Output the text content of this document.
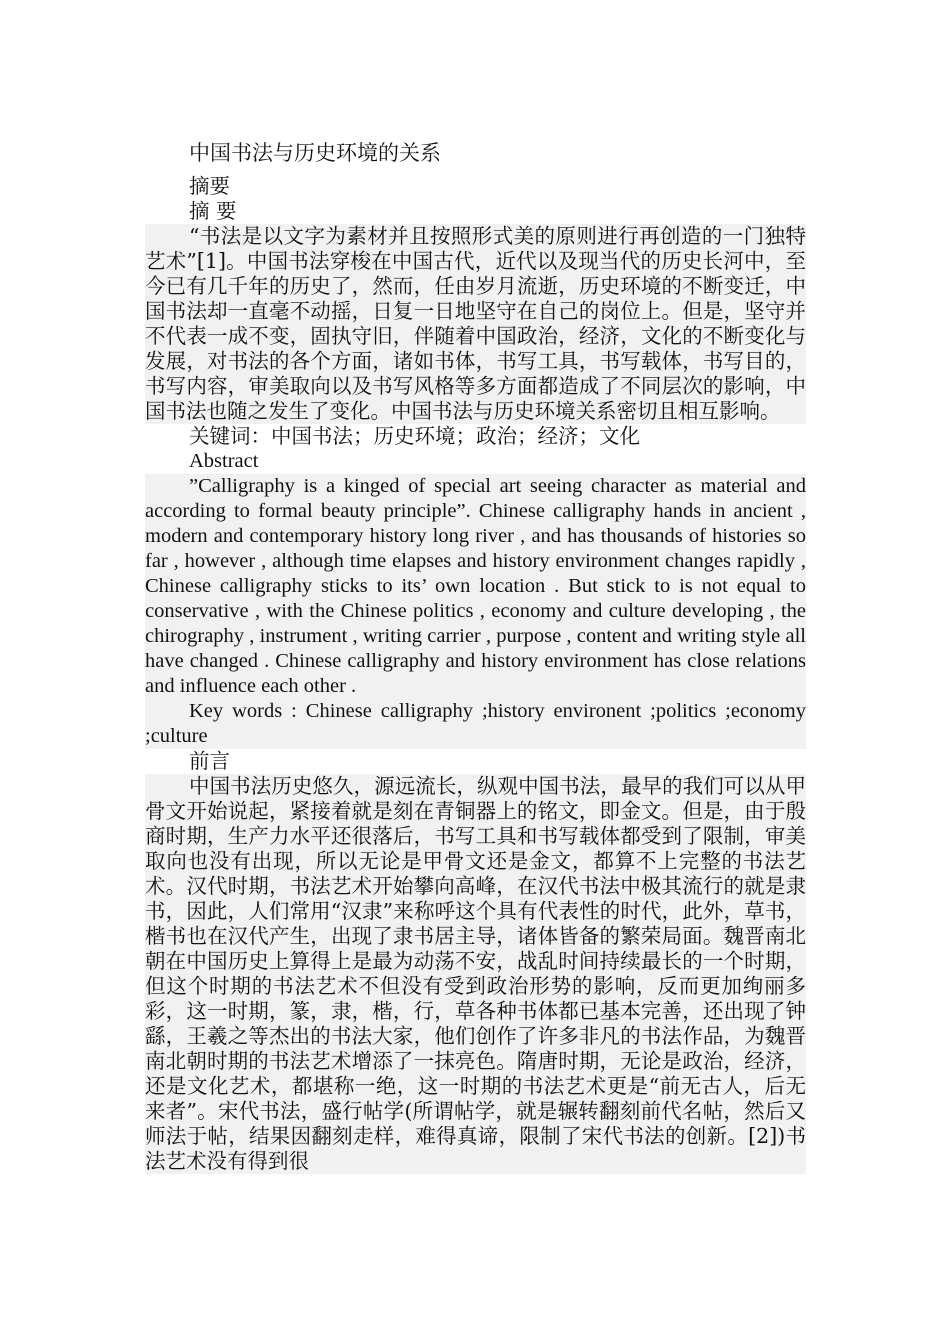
中国书法与历史环境的关系

摘要

摘 要

“书法是以文字为素材并且按照形式美的原则进行再创造的一门独特艺术”[1]。中国书法穿梭在中国古代，近代以及现当代的历史长河中，至今已有几千年的历史了，然而，任由岁月流逝，历史环境的不断变迁，中国书法却一直毫不动摇，日复一日地坚守在自己的岗位上。但是，坚守并不代表一成不变，固执守旧，伴随着中国政治，经济，文化的不断变化与发展，对书法的各个方面，诸如书体，书写工具，书写载体，书写目的，书写内容，审美取向以及书写风格等多方面都造成了不同层次的影响，中国书法也随之发生了变化。中国书法与历史环境关系密切且相互影响。

关键词：中国书法；历史环境；政治；经济；文化

Abstract

”Calligraphy is a kinged of special art seeing character as material and according to formal beauty principle”. Chinese calligraphy hands in ancient , modern and contemporary history long river , and has thousands of histories so far , however , although time elapses and history environment changes rapidly , Chinese calligraphy sticks to its’ own location . But stick to is not equal to conservative , with the Chinese politics , economy and culture developing , the chirography , instrument , writing carrier , purpose , content and writing style all have changed . Chinese calligraphy and history environment has close relations and influence each other .

Key words : Chinese calligraphy ;history environent ;politics ;economy ;culture

前言

中国书法历史悠久，源远流长，纵观中国书法，最早的我们可以从甲骨文开始说起，紧接着就是刻在青铜器上的铭文，即金文。但是，由于殷商时期，生产力水平还很落后，书写工具和书写载体都受到了限制，审美取向也没有出现，所以无论是甲骨文还是金文，都算不上完整的书法艺术。汉代时期，书法艺术开始攀向高峰，在汉代书法中极其流行的就是隶书，因此，人们常用“汉隶”来称呼这个具有代表性的时代，此外，草书，楷书也在汉代产生，出现了隶书居主导，诸体皆备的繁荣局面。魏晋南北朝在中国历史上算得上是最为动荡不安，战乱时间持续最长的一个时期，但这个时期的书法艺术不但没有受到政治形势的影响，反而更加绚丽多彩，这一时期，篆，隶，楷，行，草各种书体都已基本完善，还出现了钟繇，王羲之等杰出的书法大家，他们创作了许多非凡的书法作品，为魏晋南北朝时期的书法艺术增添了一抹亮色。隋唐时期，无论是政治，经济，还是文化艺术，都堪称一绝，这一时期的书法艺术更是“前无古人，后无来者”。宋代书法，盛行帖学(所谓帖学，就是辗转翻刻前代名帖，然后又师法于帖，结果因翻刻走样，难得真谛，限制了宋代书法的创新。[2])书法艺术没有得到很
